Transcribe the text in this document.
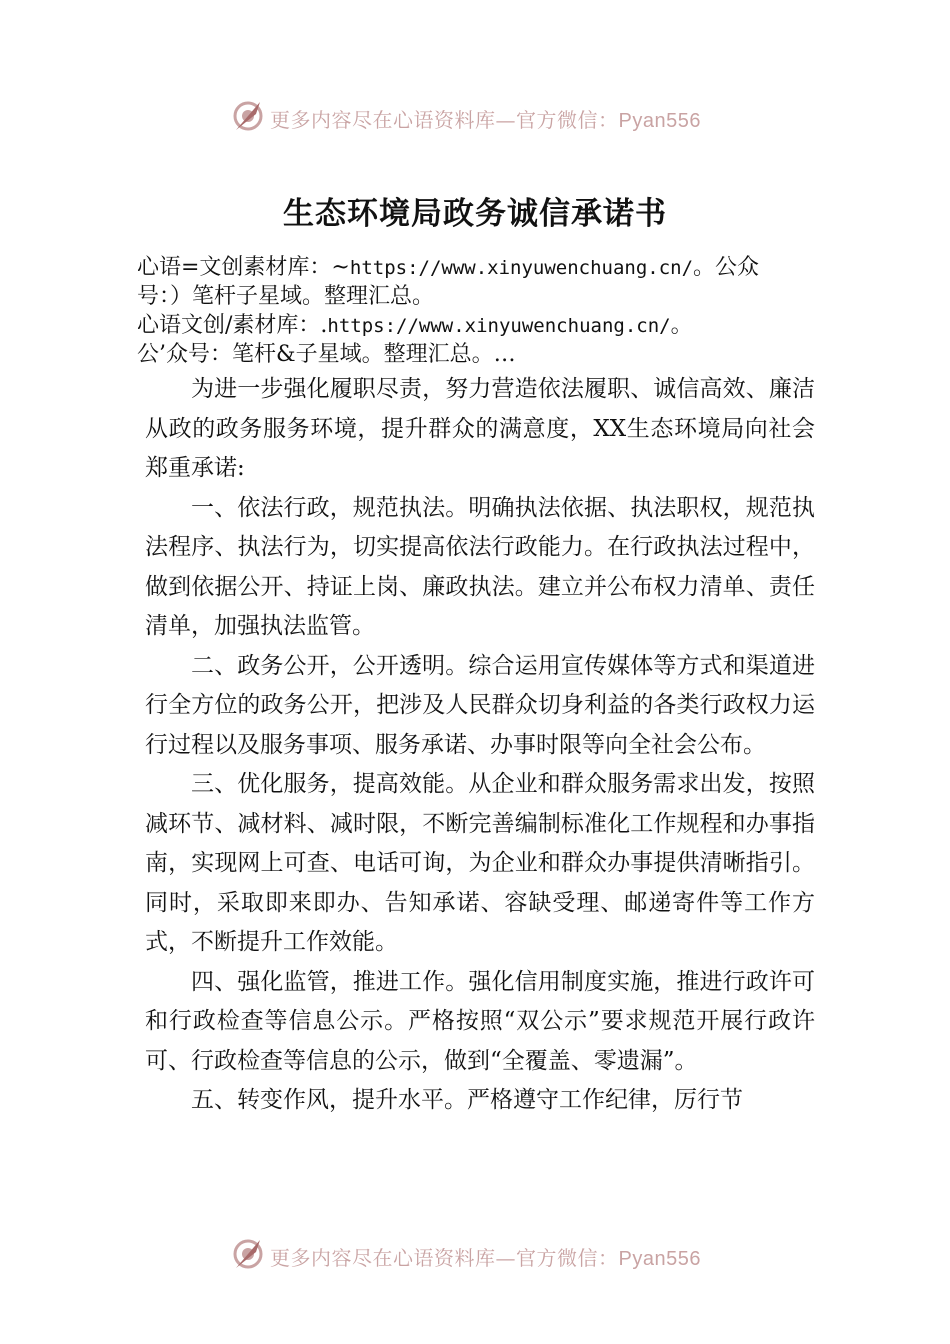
更多内容尽在心语资料库—官方微信：Pyan556
生态环境局政务诚信承诺书
心语=文创素材库：~https://www.xinyuwenchuang.cn/。公众
号：）笔杆子星域。整理汇总。
心语文创/素材库：.https://www.xinyuwenchuang.cn/。
公’众号：笔杆&子星域。整理汇总。…

为进一步强化履职尽责，努力营造依法履职、诚信高效、廉洁从政的政务服务环境，提升群众的满意度，XX生态环境局向社会郑重承诺:

一、依法行政，规范执法。明确执法依据、执法职权，规范执法程序、执法行为，切实提高依法行政能力。在行政执法过程中，做到依据公开、持证上岗、廉政执法。建立并公布权力清单、责任清单，加强执法监管。

二、政务公开，公开透明。综合运用宣传媒体等方式和渠道进行全方位的政务公开，把涉及人民群众切身利益的各类行政权力运行过程以及服务事项、服务承诺、办事时限等向全社会公布。

三、优化服务，提高效能。从企业和群众服务需求出发，按照减环节、减材料、减时限，不断完善编制标准化工作规程和办事指南，实现网上可查、电话可询，为企业和群众办事提供清晰指引。同时，采取即来即办、告知承诺、容缺受理、邮递寄件等工作方式，不断提升工作效能。

四、强化监管，推进工作。强化信用制度实施，推进行政许可和行政检查等信息公示。严格按照“双公示”要求规范开展行政许可、行政检查等信息的公示，做到“全覆盖、零遗漏”。

五、转变作风，提升水平。严格遵守工作纪律，厉行节

更多内容尽在心语资料库—官方微信：Pyan556
